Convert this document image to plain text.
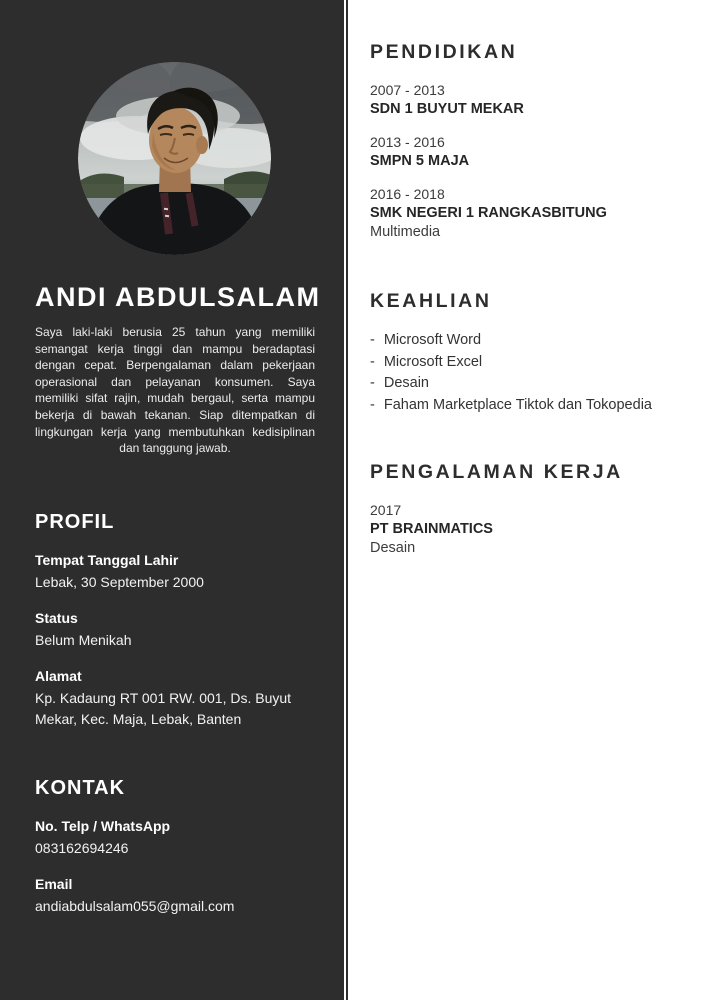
ANDI ABDULSALAM

Saya laki-laki berusia 25 tahun yang memiliki semangat kerja tinggi dan mampu beradaptasi dengan cepat. Berpengalaman dalam pekerjaan operasional dan pelayanan konsumen. Saya memiliki sifat rajin, mudah bergaul, serta mampu bekerja di bawah tekanan. Siap ditempatkan di lingkungan kerja yang membutuhkan kedisiplinan dan tanggung jawab.

PROFIL
Tempat Tanggal Lahir
Lebak, 30 September 2000
Status
Belum Menikah
Alamat
Kp. Kadaung RT 001 RW. 001, Ds. Buyut Mekar, Kec. Maja, Lebak, Banten
KONTAK
No. Telp / WhatsApp
083162694246
Email
andiabdulsalam055@gmail.com
PENDIDIKAN
2007 - 2013
SDN 1 BUYUT MEKAR
2013 - 2016
SMPN 5 MAJA
2016 - 2018
SMK NEGERI 1 RANGKASBITUNG
Multimedia
KEAHLIAN
- Microsoft Word
- Microsoft Excel
- Desain
- Faham Marketplace Tiktok dan Tokopedia
PENGALAMAN KERJA
2017
PT BRAINMATICS
Desain
